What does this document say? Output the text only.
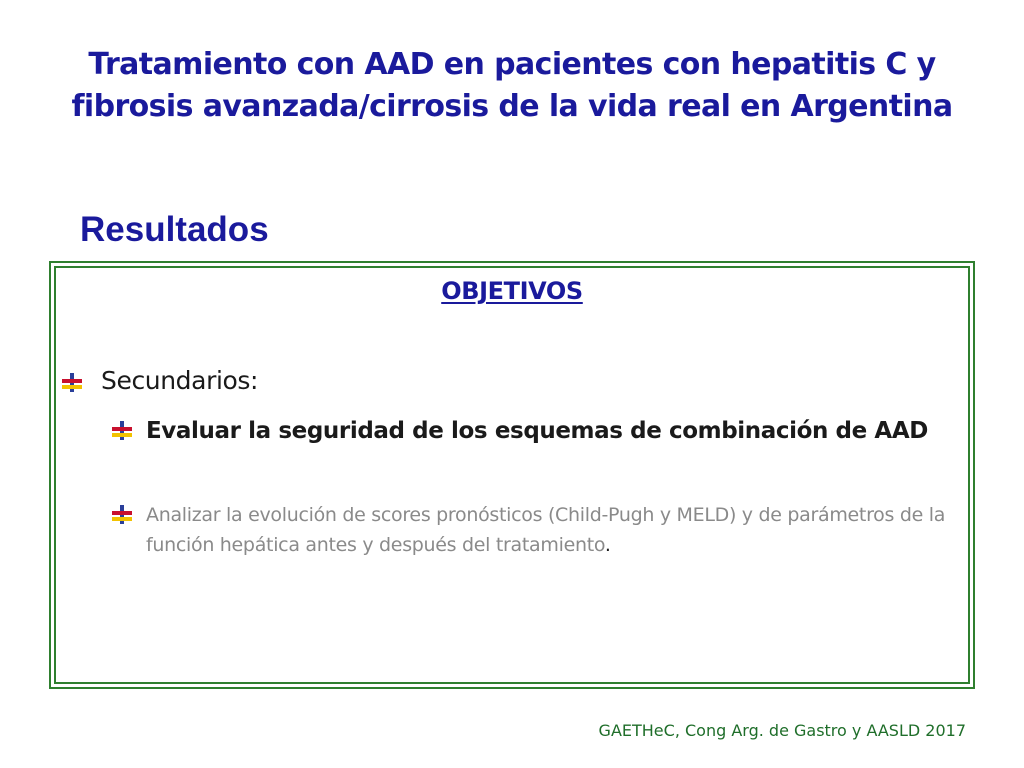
Tratamiento con AAD en pacientes con hepatitis C y
fibrosis avanzada/cirrosis de la vida real en Argentina
Resultados
OBJETIVOS
Secundarios:
Evaluar la seguridad de los esquemas de combinación de AAD
Analizar la evolución de scores pronósticos (Child-Pugh y MELD) y de parámetros de la función hepática antes y después del tratamiento.
GAETHeC, Cong Arg. de Gastro y AASLD 2017
